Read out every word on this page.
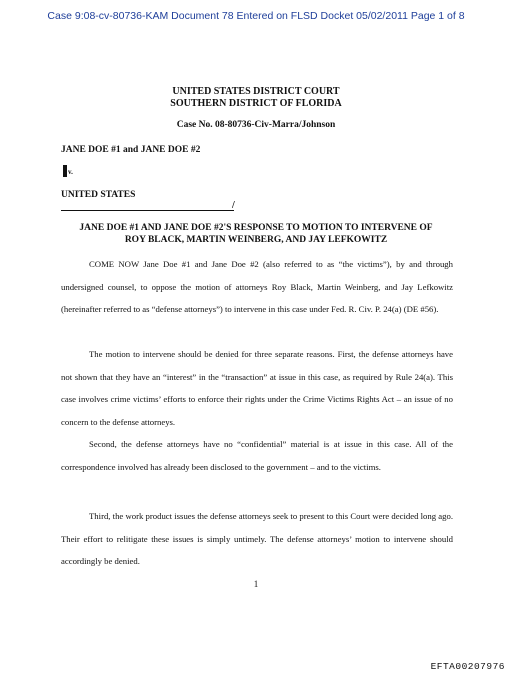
Case 9:08-cv-80736-KAM Document 78 Entered on FLSD Docket 05/02/2011 Page 1 of 8
UNITED STATES DISTRICT COURT
SOUTHERN DISTRICT OF FLORIDA
Case No. 08-80736-Civ-Marra/Johnson
JANE DOE #1 and JANE DOE #2
v.
UNITED STATES
/
JANE DOE #1 AND JANE DOE #2'S RESPONSE TO MOTION TO INTERVENE OF
ROY BLACK, MARTIN WEINBERG, AND JAY LEFKOWITZ
COME NOW Jane Doe #1 and Jane Doe #2 (also referred to as “the victims”), by and through undersigned counsel, to oppose the motion of attorneys Roy Black, Martin Weinberg, and Jay Lefkowitz (hereinafter referred to as “defense attorneys”) to intervene in this case under Fed. R. Civ. P. 24(a) (DE #56).
The motion to intervene should be denied for three separate reasons. First, the defense attorneys have not shown that they have an “interest” in the “transaction” at issue in this case, as required by Rule 24(a). This case involves crime victims’ efforts to enforce their rights under the Crime Victims Rights Act – an issue of no concern to the defense attorneys.
Second, the defense attorneys have no “confidential” material is at issue in this case. All of the correspondence involved has already been disclosed to the government – and to the victims.
Third, the work product issues the defense attorneys seek to present to this Court were decided long ago. Their effort to relitigate these issues is simply untimely. The defense attorneys’ motion to intervene should accordingly be denied.
1
EFTA00207976
